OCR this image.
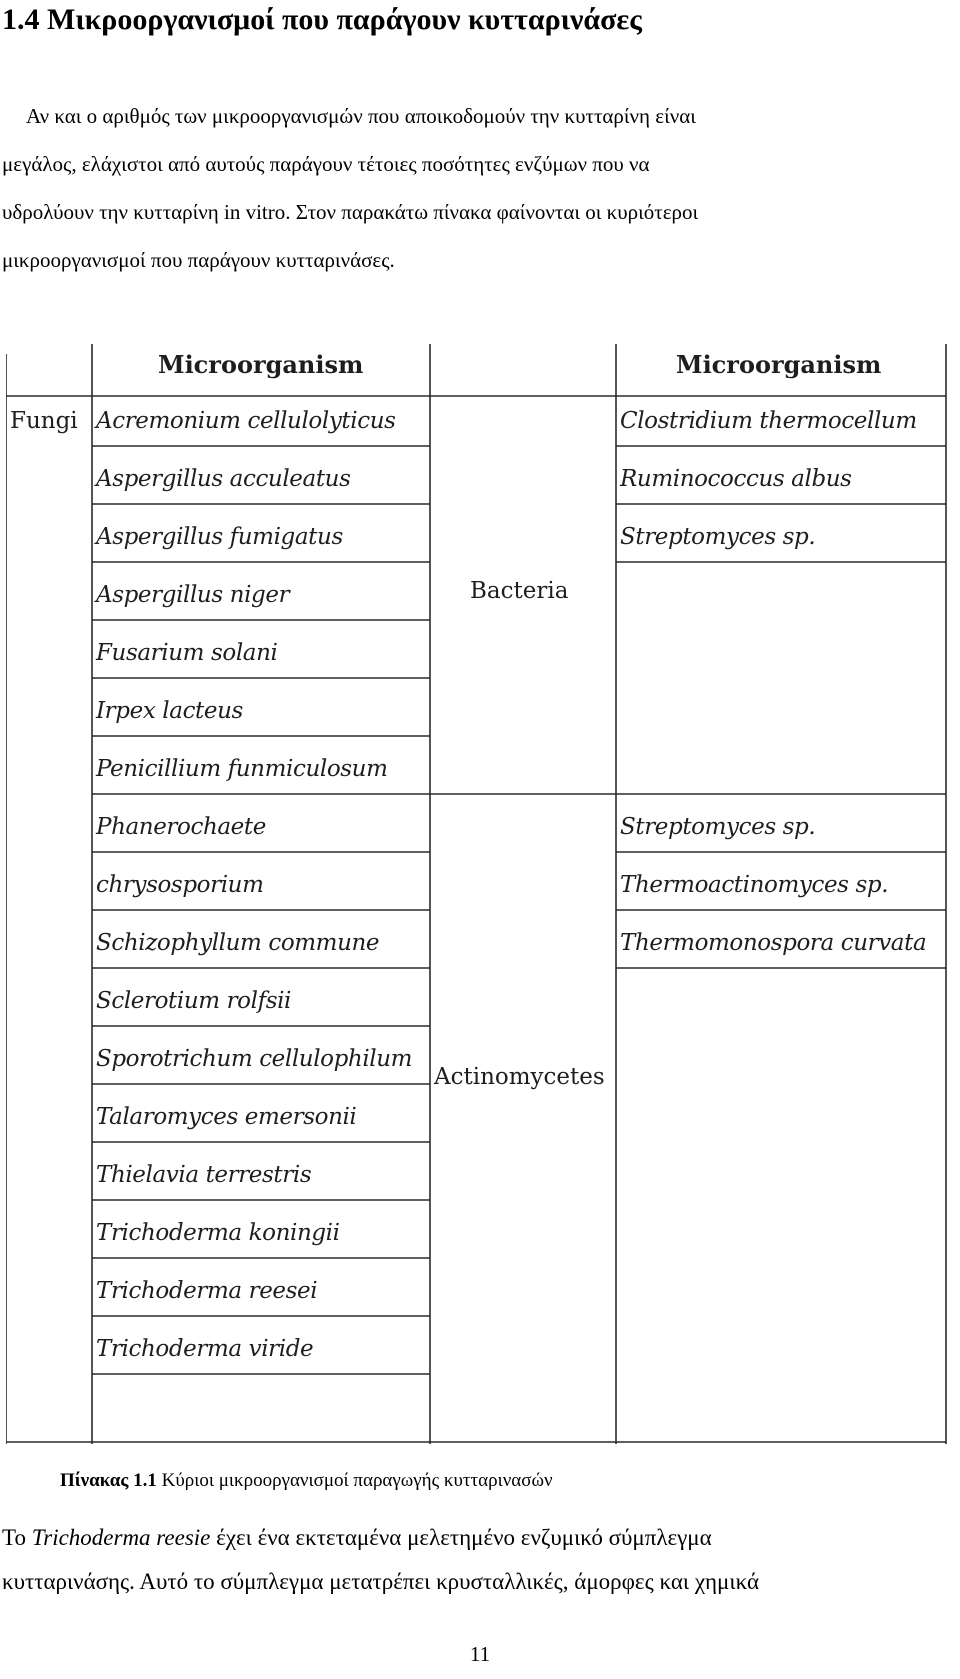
1.4 Μικροοργανισμοί που παράγουν κυτταρινάσες

Αν και ο αριθμός των μικροοργανισμών που αποικοδομούν την κυτταρίνη είναι
μεγάλος, ελάχιστοι από αυτούς παράγουν τέτοιες ποσότητες ενζύμων που να
υδρολύουν την κυτταρίνη in vitro. Στον παρακάτω πίνακα φαίνονται οι κυριότεροι
μικροοργανισμοί που παράγουν κυτταρινάσες.

Microorganism	Microorganism
Fungi
Bacteria
Actinomycetes
Acremonium cellulolyticus
Aspergillus acculeatus
Aspergillus fumigatus
Aspergillus niger
Fusarium solani
Irpex lacteus
Penicillium funmiculosum
Phanerochaete
chrysosporium
Schizophyllum commune
Sclerotium rolfsii
Sporotrichum cellulophilum
Talaromyces emersonii
Thielavia terrestris
Trichoderma koningii
Trichoderma reesei
Trichoderma viride
Clostridium thermocellum
Ruminococcus albus
Streptomyces sp.
Streptomyces sp.
Thermoactinomyces sp.
Thermomonospora curvata
Πίνακας 1.1 Κύριοι μικροοργανισμοί παραγωγής κυτταρινασών

Το Trichoderma reesie έχει ένα εκτεταμένα μελετημένο ενζυμικό σύμπλεγμα
κυτταρινάσης. Αυτό το σύμπλεγμα μετατρέπει κρυσταλλικές, άμορφες και χημικά

11
